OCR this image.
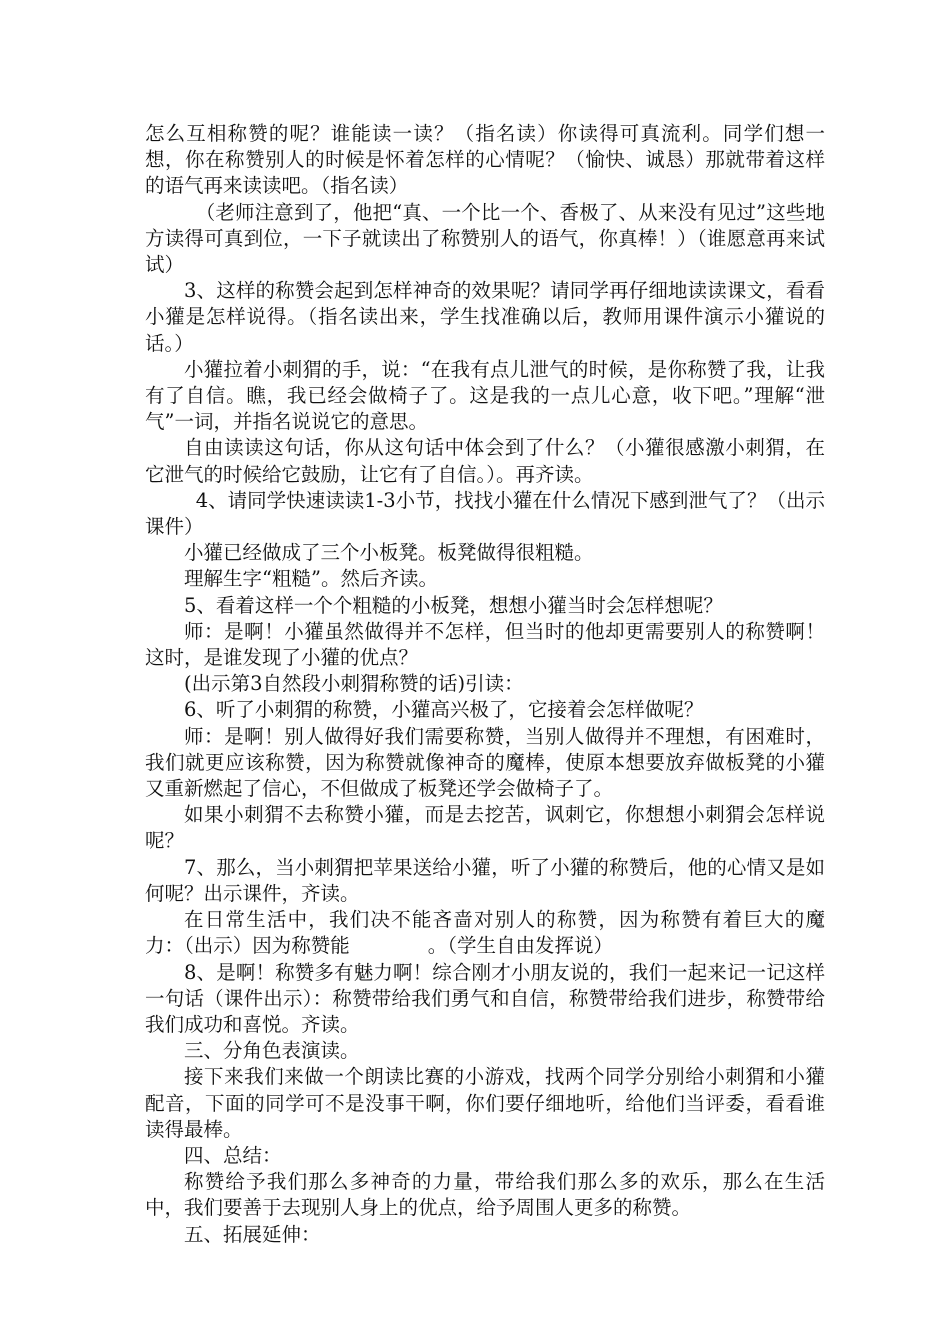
怎么互相称赞的呢？谁能读一读？（指名读）你读得可真流利。同学们想一想，你在称赞别人的时候是怀着怎样的心情呢？（愉快、诚恳）那就带着这样的语气再来读读吧。（指名读）

（老师注意到了，他把“真、一个比一个、香极了、从来没有见过”这些地方读得可真到位，一下子就读出了称赞别人的语气，你真棒！）（谁愿意再来试试）

3、这样的称赞会起到怎样神奇的效果呢？请同学再仔细地读读课文，看看小獾是怎样说得。（指名读出来，学生找准确以后，教师用课件演示小獾说的话。）

小獾拉着小刺猬的手，说：“在我有点儿泄气的时候，是你称赞了我，让我有了自信。瞧，我已经会做椅子了。这是我的一点儿心意，收下吧。”理解“泄气”一词，并指名说说它的意思。

自由读读这句话，你从这句话中体会到了什么？（小獾很感激小刺猬，在它泄气的时候给它鼓励，让它有了自信。）。再齐读。

4、请同学快速读读1-3小节，找找小獾在什么情况下感到泄气了？（出示课件）

小獾已经做成了三个小板凳。板凳做得很粗糙。

理解生字“粗糙”。然后齐读。

5、看着这样一个个粗糙的小板凳，想想小獾当时会怎样想呢？

师：是啊！小獾虽然做得并不怎样，但当时的他却更需要别人的称赞啊！这时，是谁发现了小獾的优点？

(出示第3自然段小刺猬称赞的话)引读：

6、听了小刺猬的称赞，小獾高兴极了，它接着会怎样做呢？

师：是啊！别人做得好我们需要称赞，当别人做得并不理想，有困难时，我们就更应该称赞，因为称赞就像神奇的魔棒，使原本想要放弃做板凳的小獾又重新燃起了信心，不但做成了板凳还学会做椅子了。

如果小刺猬不去称赞小獾，而是去挖苦，讽刺它，你想想小刺猬会怎样说呢？

7、那么，当小刺猬把苹果送给小獾，听了小獾的称赞后，他的心情又是如何呢？出示课件，齐读。

在日常生活中，我们决不能吝啬对别人的称赞，因为称赞有着巨大的魔力：（出示）因为称赞能　　　　。（学生自由发挥说）

8、是啊！称赞多有魅力啊！综合刚才小朋友说的，我们一起来记一记这样一句话（课件出示）：称赞带给我们勇气和自信，称赞带给我们进步，称赞带给我们成功和喜悦。齐读。

三、分角色表演读。

接下来我们来做一个朗读比赛的小游戏，找两个同学分别给小刺猬和小獾配音，下面的同学可不是没事干啊，你们要仔细地听，给他们当评委，看看谁读得最棒。

四、总结：

称赞给予我们那么多神奇的力量，带给我们那么多的欢乐，那么在生活中，我们要善于去现别人身上的优点，给予周围人更多的称赞。

五、拓展延伸：
